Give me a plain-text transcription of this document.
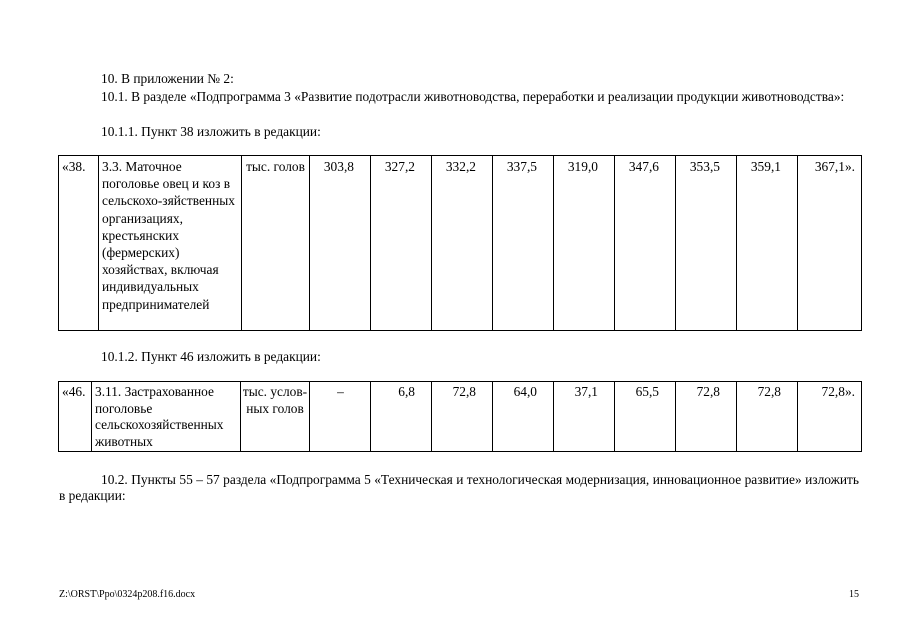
10. В приложении № 2:

10.1. В разделе «Подпрограмма 3 «Развитие подотрасли животноводства, переработки и реализации продукции животноводства»:

10.1.1. Пункт 38 изложить в редакции:

«38.	3.3. Маточное поголовье овец и коз в сельскохо-зяйственных организациях, крестьянских (фермерских) хозяйствах, включая индивидуальных предпринимателей	тыс. голов	303,8	327,2	332,2	337,5	319,0	347,6	353,5	359,1	367,1».

10.1.2. Пункт 46 изложить в редакции:

«46.	3.11. Застрахованное поголовье сельскохозяйственных животных	тыс. услов-ных голов	–	6,8	72,8	64,0	37,1	65,5	72,8	72,8	72,8».

10.2. Пункты 55 – 57 раздела «Подпрограмма 5 «Техническая и технологическая модернизация, инновационное развитие» изложить в редакции:

Z:\ORST\Ppo\0324p208.f16.docx	15
